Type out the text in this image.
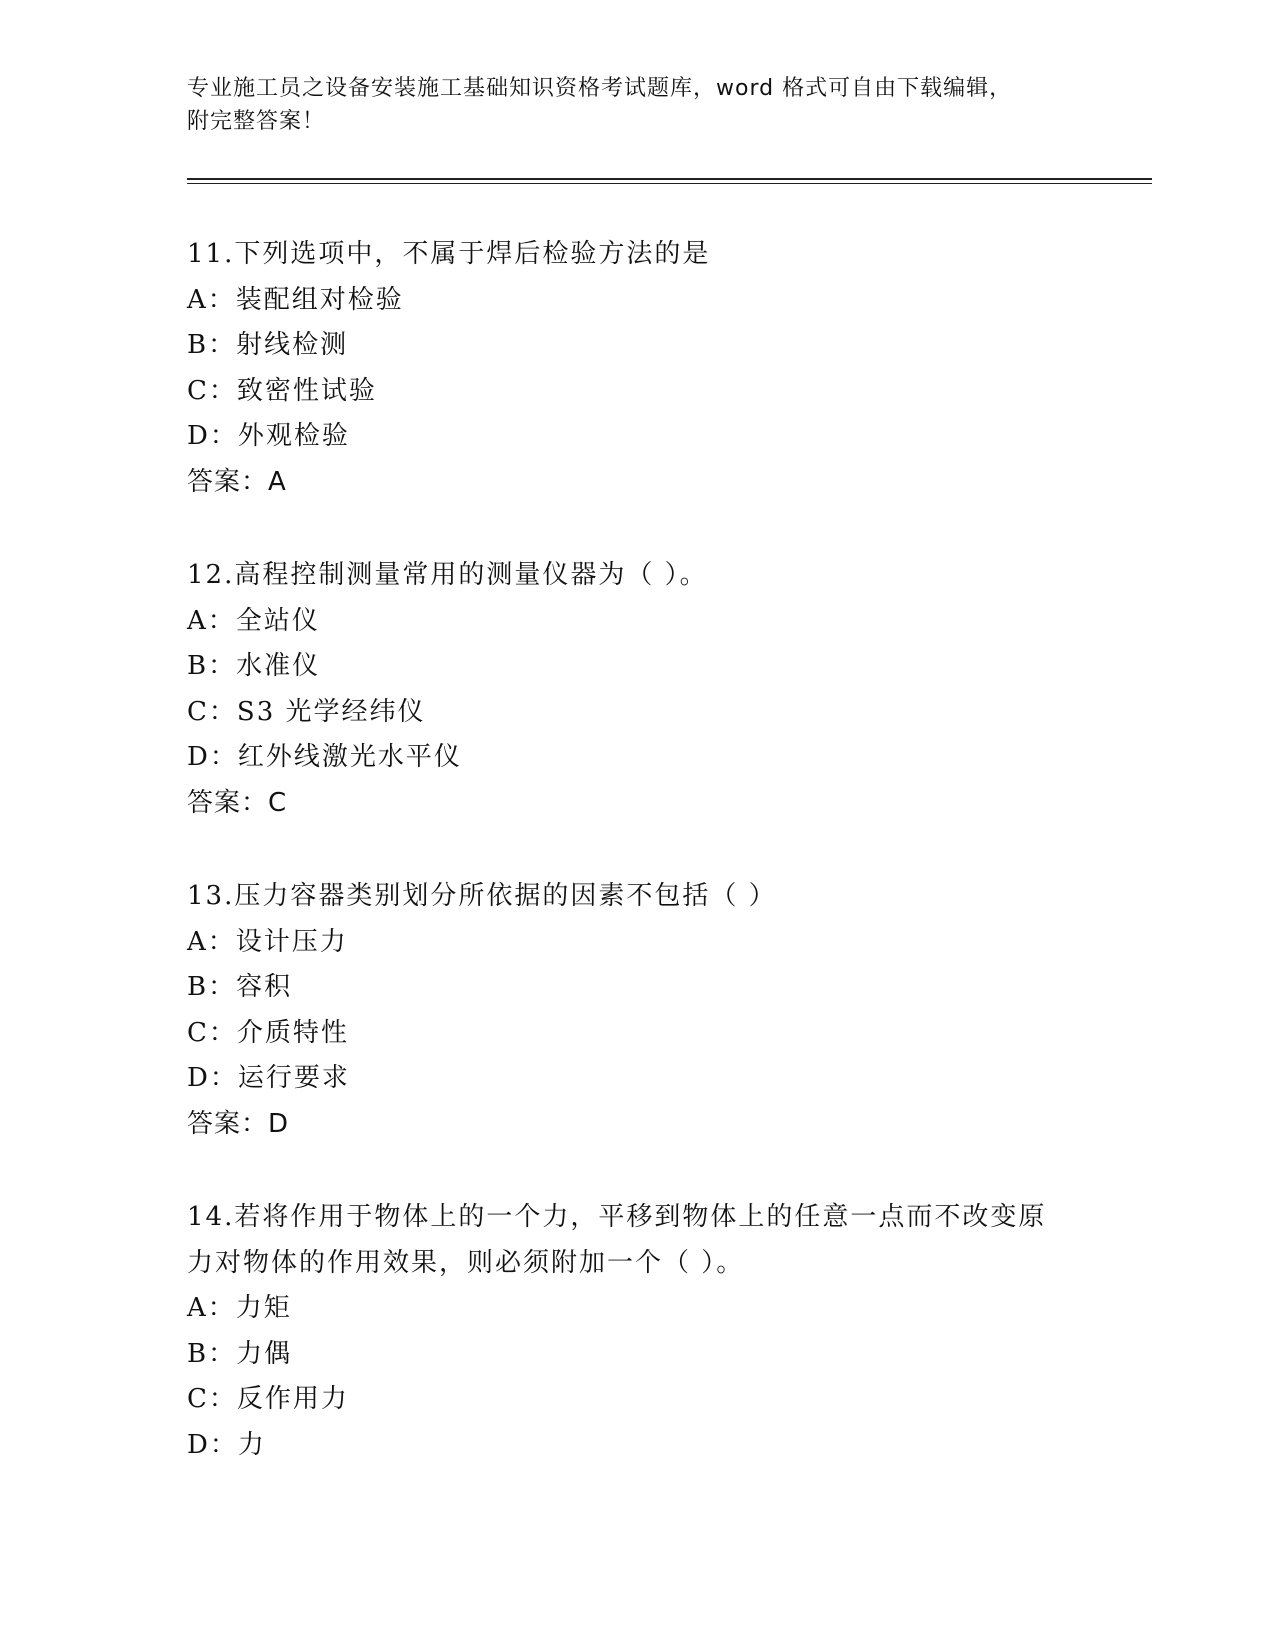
专业施工员之设备安装施工基础知识资格考试题库，word 格式可自由下载编辑，
附完整答案！
11.下列选项中，不属于焊后检验方法的是
A：装配组对检验
B：射线检测
C：致密性试验
D：外观检验
答案：A
12.高程控制测量常用的测量仪器为（ ）。
A：全站仪
B：水准仪
C：S3 光学经纬仪
D：红外线激光水平仪
答案：C
13.压力容器类别划分所依据的因素不包括（ ）
A：设计压力
B：容积
C：介质特性
D：运行要求
答案：D
14.若将作用于物体上的一个力，平移到物体上的任意一点而不改变原
力对物体的作用效果，则必须附加一个（ ）。
A：力矩
B：力偶
C：反作用力
D：力
